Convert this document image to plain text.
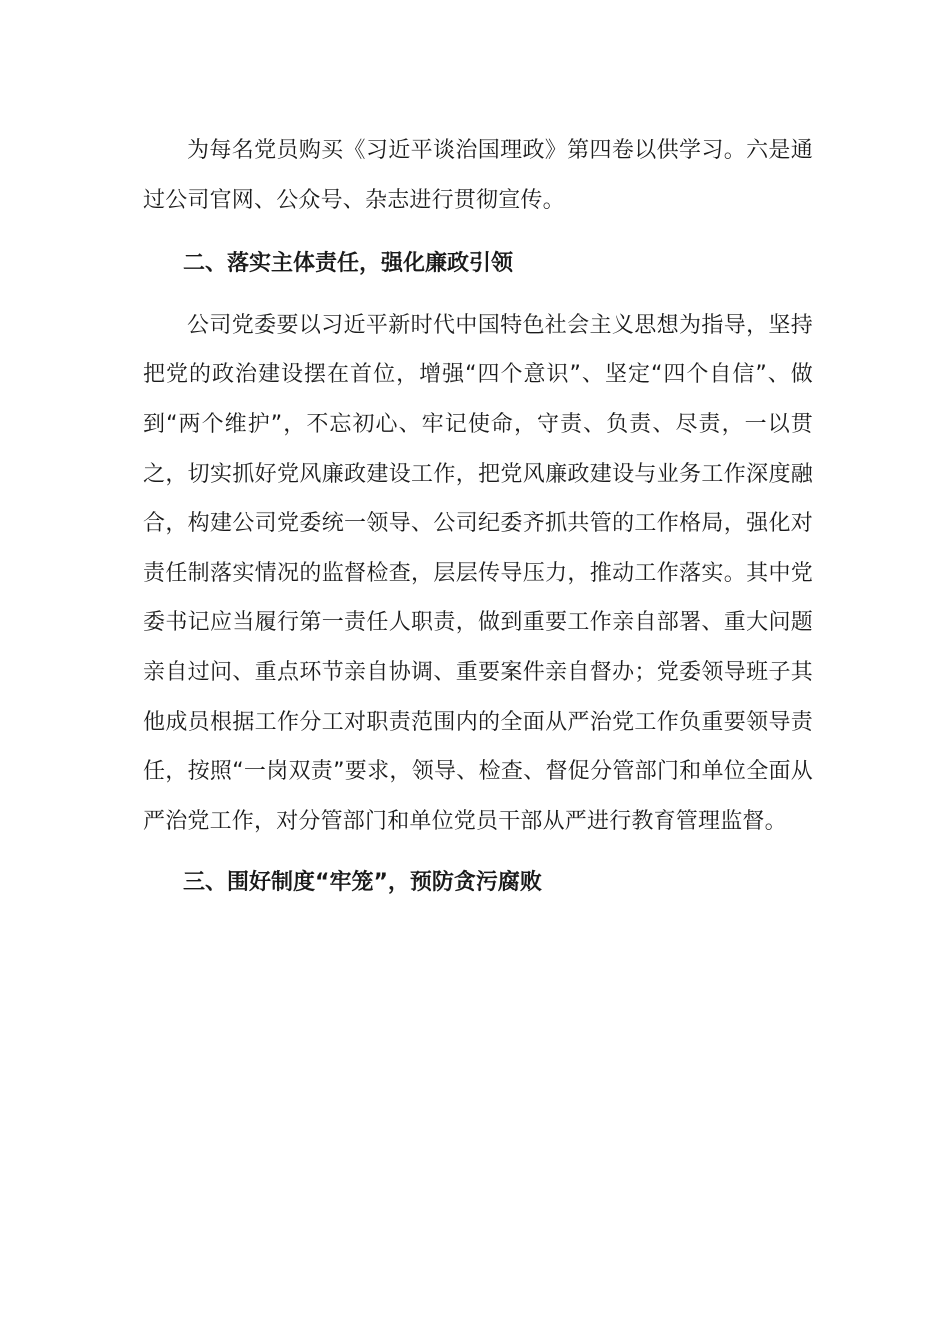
为每名党员购买《习近平谈治国理政》第四卷以供学习。六是通过公司官网、公众号、杂志进行贯彻宣传。

二、落实主体责任，强化廉政引领

公司党委要以习近平新时代中国特色社会主义思想为指导，坚持把党的政治建设摆在首位，增强“四个意识”、坚定“四个自信”、做到“两个维护”，不忘初心、牢记使命，守责、负责、尽责，一以贯之，切实抓好党风廉政建设工作，把党风廉政建设与业务工作深度融合，构建公司党委统一领导、公司纪委齐抓共管的工作格局，强化对责任制落实情况的监督检查，层层传导压力，推动工作落实。其中党委书记应当履行第一责任人职责，做到重要工作亲自部署、重大问题亲自过问、重点环节亲自协调、重要案件亲自督办；党委领导班子其他成员根据工作分工对职责范围内的全面从严治党工作负重要领导责任，按照“一岗双责”要求，领导、检查、督促分管部门和单位全面从严治党工作，对分管部门和单位党员干部从严进行教育管理监督。

三、围好制度“牢笼”，预防贪污腐败
